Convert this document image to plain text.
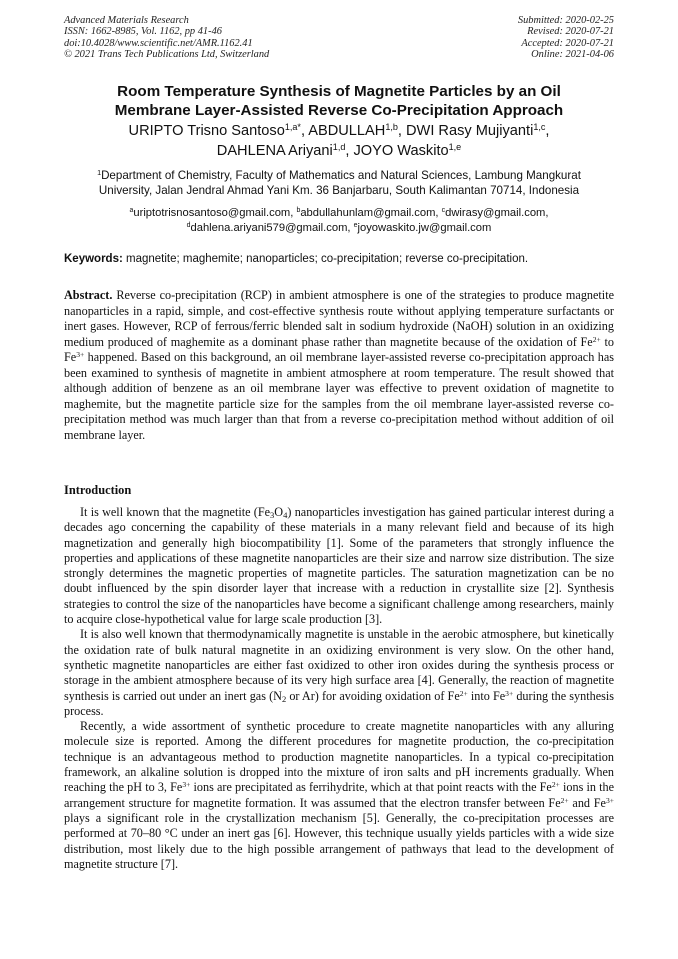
Advanced Materials Research
ISSN: 1662-8985, Vol. 1162, pp 41-46
doi:10.4028/www.scientific.net/AMR.1162.41
© 2021 Trans Tech Publications Ltd, Switzerland
Submitted: 2020-02-25
Revised: 2020-07-21
Accepted: 2020-07-21
Online: 2021-04-06
Room Temperature Synthesis of Magnetite Particles by an Oil
Membrane Layer-Assisted Reverse Co-Precipitation Approach
URIPTO Trisno Santoso$^{1,a*}$, ABDULLAH$^{1,b}$, DWI Rasy Mujiyanti$^{1,c}$,
DAHLENA Ariyani$^{1,d}$, JOYO Waskito$^{1,e}$
$^1$Department of Chemistry, Faculty of Mathematics and Natural Sciences, Lambung Mangkurat
University, Jalan Jendral Ahmad Yani Km. 36 Banjarbaru, South Kalimantan 70714, Indonesia
$^a$uriptotrisnosantoso@gmail.com, $^b$abdullahunlam@gmail.com, $^c$dwirasy@gmail.com,
$^d$dahlena.ariyani579@gmail.com, $^e$joyowaskito.jw@gmail.com
Keywords: magnetite; maghemite; nanoparticles; co-precipitation; reverse co-precipitation.
Abstract. Reverse co-precipitation (RCP) in ambient atmosphere is one of the strategies to produce magnetite nanoparticles in a rapid, simple, and cost-effective synthesis route without applying temperature surfactants or inert gases. However, RCP of ferrous/ferric blended salt in sodium hydroxide (NaOH) solution in an oxidizing medium produced of maghemite as a dominant phase rather than magnetite because of the oxidation of $Fe^{2+}$ to $Fe^{3+}$ happened. Based on this background, an oil membrane layer-assisted reverse co-precipitation approach has been examined to synthesis of magnetite in ambient atmosphere at room temperature. The result showed that although addition of benzene as an oil membrane layer was effective to prevent oxidation of magnetite to maghemite, but the magnetite particle size for the samples from the oil membrane layer-assisted reverse co-precipitation method was much larger than that from a reverse co-precipitation method without addition of oil membrane layer.
Introduction

It is well known that the magnetite $(Fe_3O_4)$ nanoparticles investigation has gained particular interest during a decades ago concerning the capability of these materials in a many relevant field and because of its high magnetization and generally high biocompatibility [1]. Some of the parameters that strongly influence the properties and applications of these magnetite nanoparticles are their size and narrow size distribution. The size strongly determines the magnetic properties of magnetite particles. The saturation magnetization can be no doubt influenced by the spin disorder layer that increase with a reduction in crystallite size [2]. Synthesis strategies to control the size of the nanoparticles have become a significant challenge among researchers, mainly to acquire close-hypothetical value for large scale production [3].

It is also well known that thermodynamically magnetite is unstable in the aerobic atmosphere, but kinetically the oxidation rate of bulk natural magnetite in an oxidizing environment is very slow. On the other hand, synthetic magnetite nanoparticles are either fast oxidized to other iron oxides during the synthesis process or storage in the ambient atmosphere because of its very high surface area [4]. Generally, the reaction of magnetite synthesis is carried out under an inert gas ($N_2$ or Ar) for avoiding oxidation of $Fe^{2+}$ into $Fe^{3+}$ during the synthesis process.

Recently, a wide assortment of synthetic procedure to create magnetite nanoparticles with any alluring molecule size is reported. Among the different procedures for magnetite production, the co-precipitation technique is an advantageous method to production magnetite nanoparticles. In a typical co-precipitation framework, an alkaline solution is dropped into the mixture of iron salts and pH increments gradually. When reaching the pH to 3, $Fe^{3+}$ ions are precipitated as ferrihydrite, which at that point reacts with the $Fe^{2+}$ ions in the arrangement structure for magnetite formation. It was assumed that the electron transfer between $Fe^{2+}$ and $Fe^{3+}$ plays a significant role in the crystallization mechanism [5]. Generally, the co-precipitation processes are performed at 70–80 °C under an inert gas [6]. However, this technique usually yields particles with a wide size distribution, most likely due to the high possible arrangement of pathways that lead to the development of magnetite structure [7].
